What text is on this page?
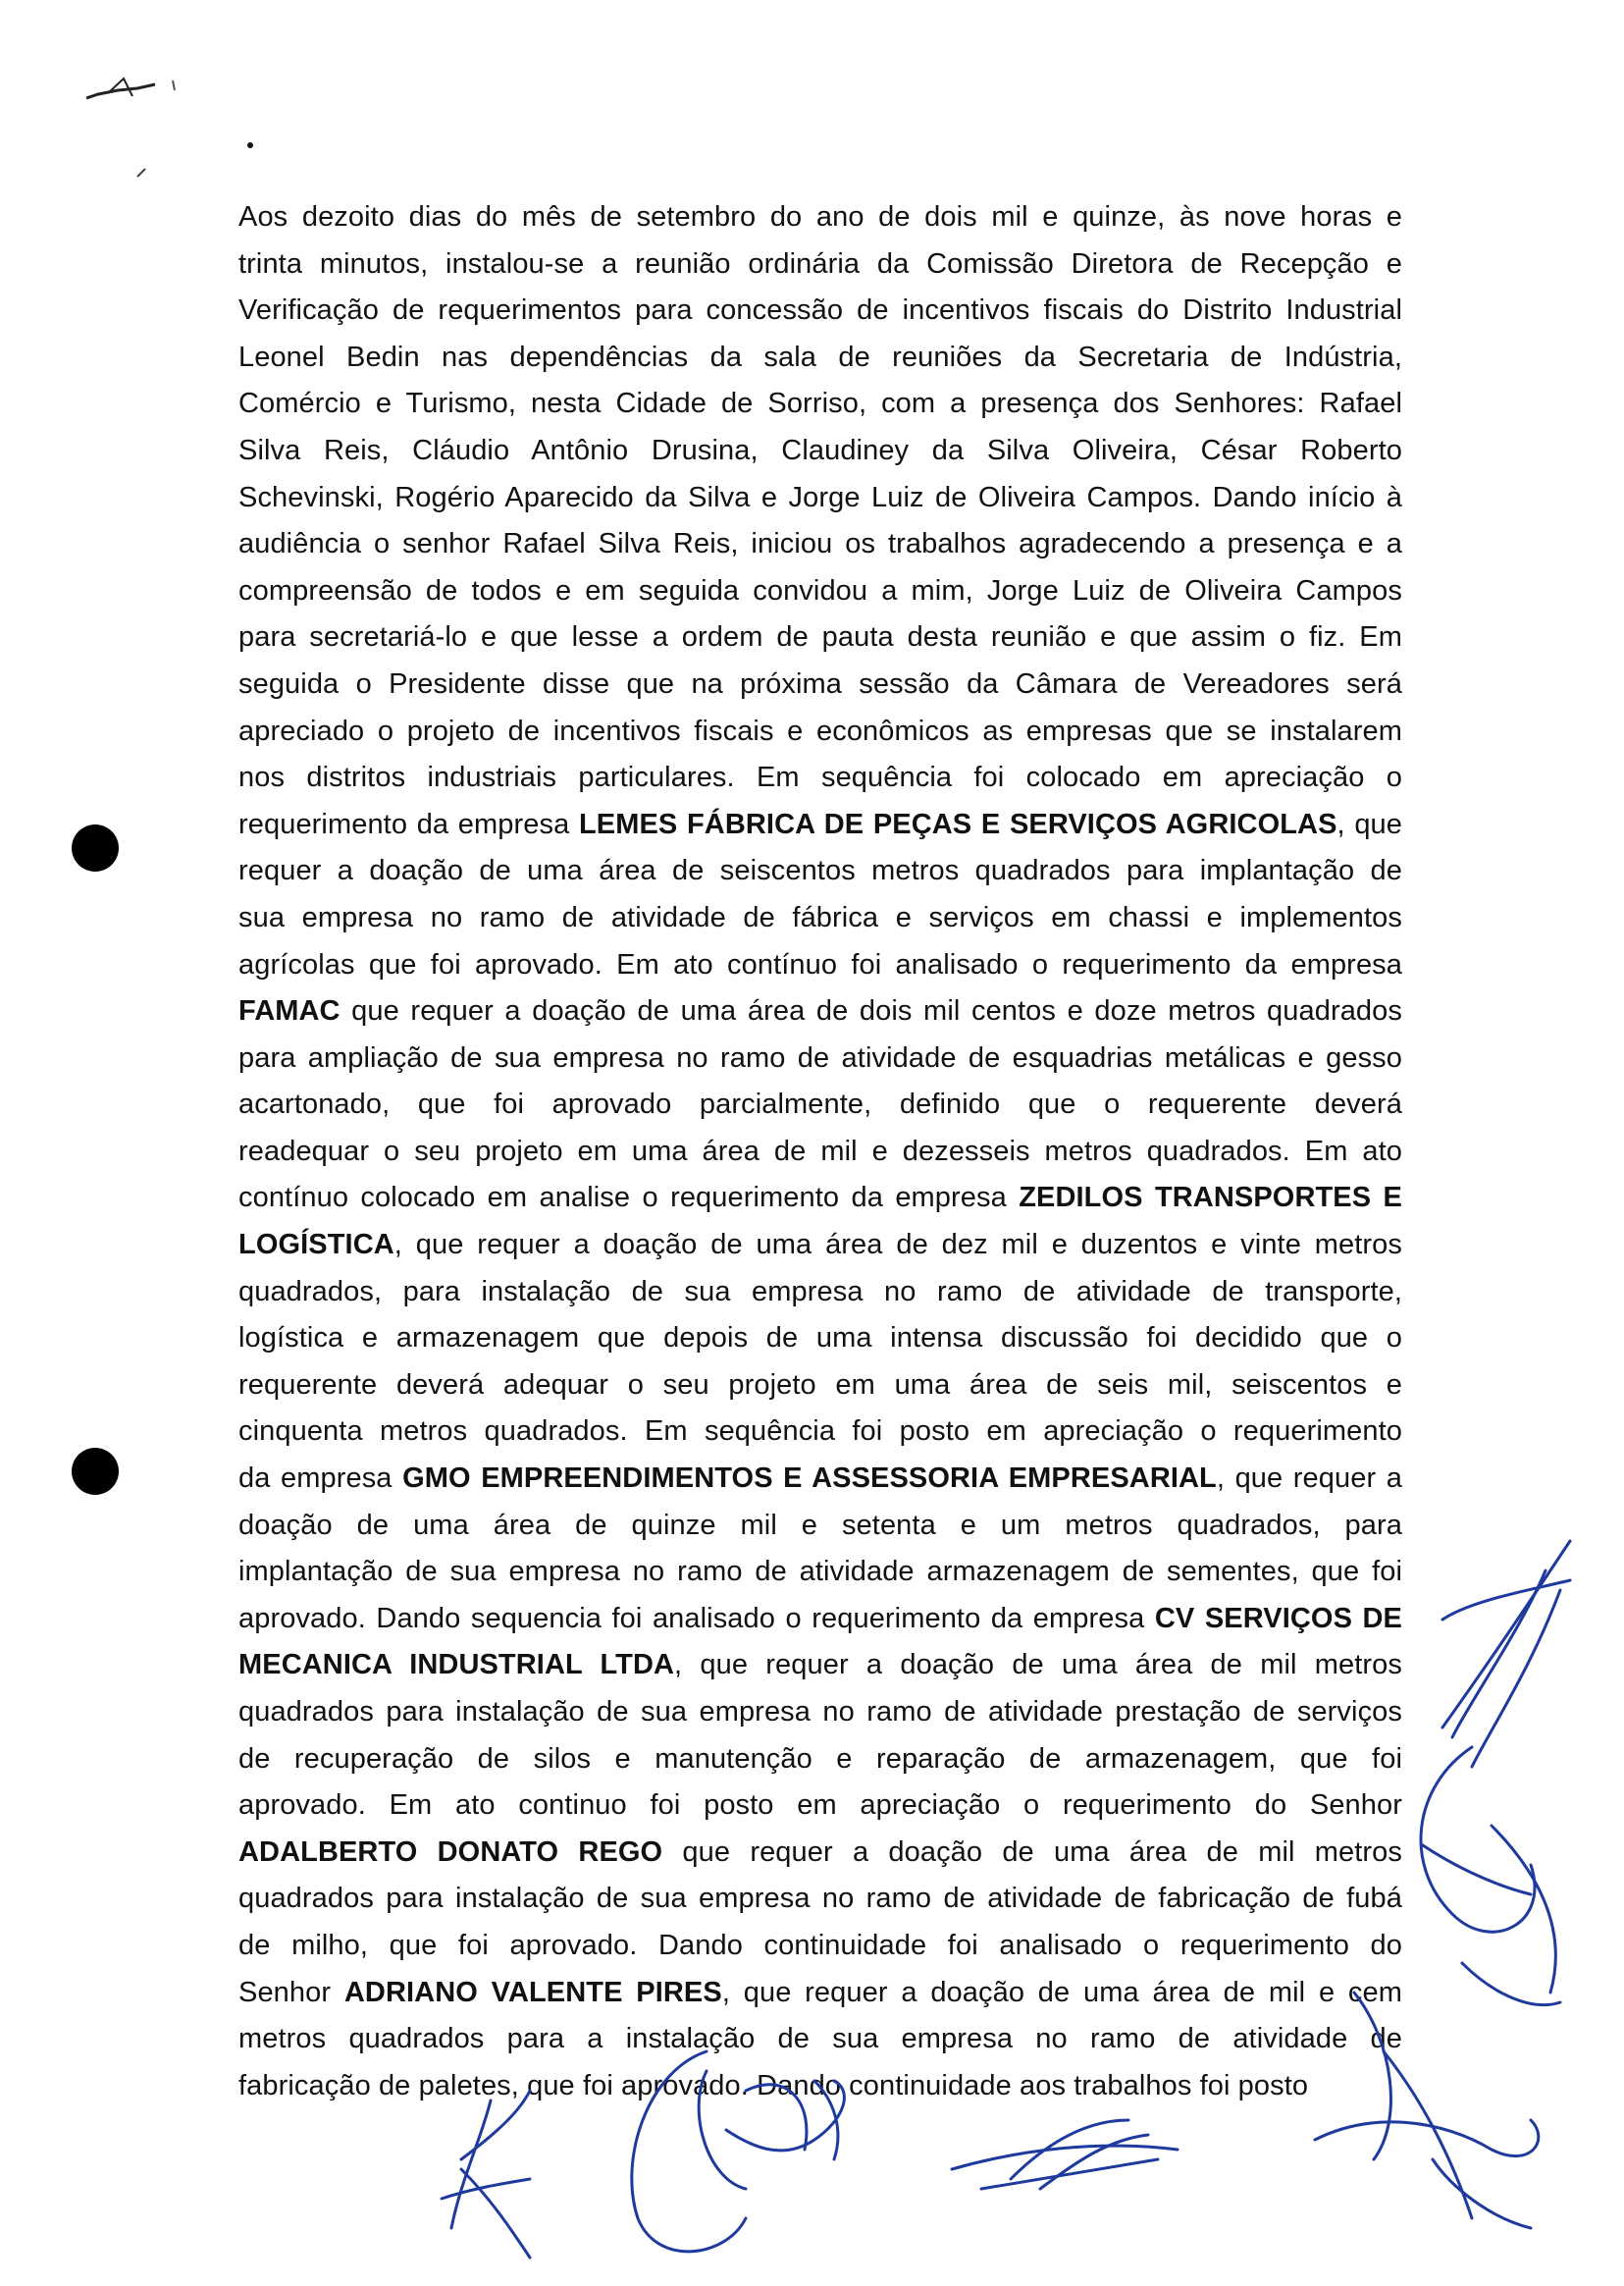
Aos dezoito dias do mês de setembro do ano de dois mil e quinze, às nove horas e
trinta minutos, instalou-se a reunião ordinária da Comissão Diretora de Recepção e
Verificação de requerimentos para concessão de incentivos fiscais do Distrito Industrial
Leonel Bedin nas dependências da sala de reuniões da Secretaria de Indústria,
Comércio e Turismo, nesta Cidade de Sorriso, com a presença dos Senhores: Rafael
Silva Reis, Cláudio Antônio Drusina, Claudiney da Silva Oliveira, César Roberto
Schevinski, Rogério Aparecido da Silva e Jorge Luiz de Oliveira Campos. Dando início à
audiência o senhor Rafael Silva Reis, iniciou os trabalhos agradecendo a presença e a
compreensão de todos e em seguida convidou a mim, Jorge Luiz de Oliveira Campos
para secretariá-lo e que lesse a ordem de pauta desta reunião e que assim o fiz. Em
seguida o Presidente disse que na próxima sessão da Câmara de Vereadores será
apreciado o projeto de incentivos fiscais e econômicos as empresas que se instalarem
nos distritos industriais particulares. Em sequência foi colocado em apreciação o
requerimento da empresa LEMES FÁBRICA DE PEÇAS E SERVIÇOS AGRICOLAS, que
requer a doação de uma área de seiscentos metros quadrados para implantação de
sua empresa no ramo de atividade de fábrica e serviços em chassi e implementos
agrícolas que foi aprovado. Em ato contínuo foi analisado o requerimento da empresa
FAMAC que requer a doação de uma área de dois mil centos e doze metros quadrados
para ampliação de sua empresa no ramo de atividade de esquadrias metálicas e gesso
acartonado, que foi aprovado parcialmente, definido que o requerente deverá
readequar o seu projeto em uma área de mil e dezesseis metros quadrados. Em ato
contínuo colocado em analise o requerimento da empresa ZEDILOS TRANSPORTES E
LOGÍSTICA, que requer a doação de uma área de dez mil e duzentos e vinte metros
quadrados, para instalação de sua empresa no ramo de atividade de transporte,
logística e armazenagem que depois de uma intensa discussão foi decidido que o
requerente deverá adequar o seu projeto em uma área de seis mil, seiscentos e
cinquenta metros quadrados. Em sequência foi posto em apreciação o requerimento
da empresa GMO EMPREENDIMENTOS E ASSESSORIA EMPRESARIAL, que requer a
doação de uma área de quinze mil e setenta e um metros quadrados, para
implantação de sua empresa no ramo de atividade armazenagem de sementes, que foi
aprovado. Dando sequencia foi analisado o requerimento da empresa CV SERVIÇOS DE
MECANICA INDUSTRIAL LTDA, que requer a doação de uma área de mil metros
quadrados para instalação de sua empresa no ramo de atividade prestação de serviços
de recuperação de silos e manutenção e reparação de armazenagem, que foi
aprovado. Em ato continuo foi posto em apreciação o requerimento do Senhor
ADALBERTO DONATO REGO que requer a doação de uma área de mil metros
quadrados para instalação de sua empresa no ramo de atividade de fabricação de fubá
de milho, que foi aprovado. Dando continuidade foi analisado o requerimento do
Senhor ADRIANO VALENTE PIRES, que requer a doação de uma área de mil e cem
metros quadrados para a instalação de sua empresa no ramo de atividade de
fabricação de paletes, que foi aprovado. Dando continuidade aos trabalhos foi posto
